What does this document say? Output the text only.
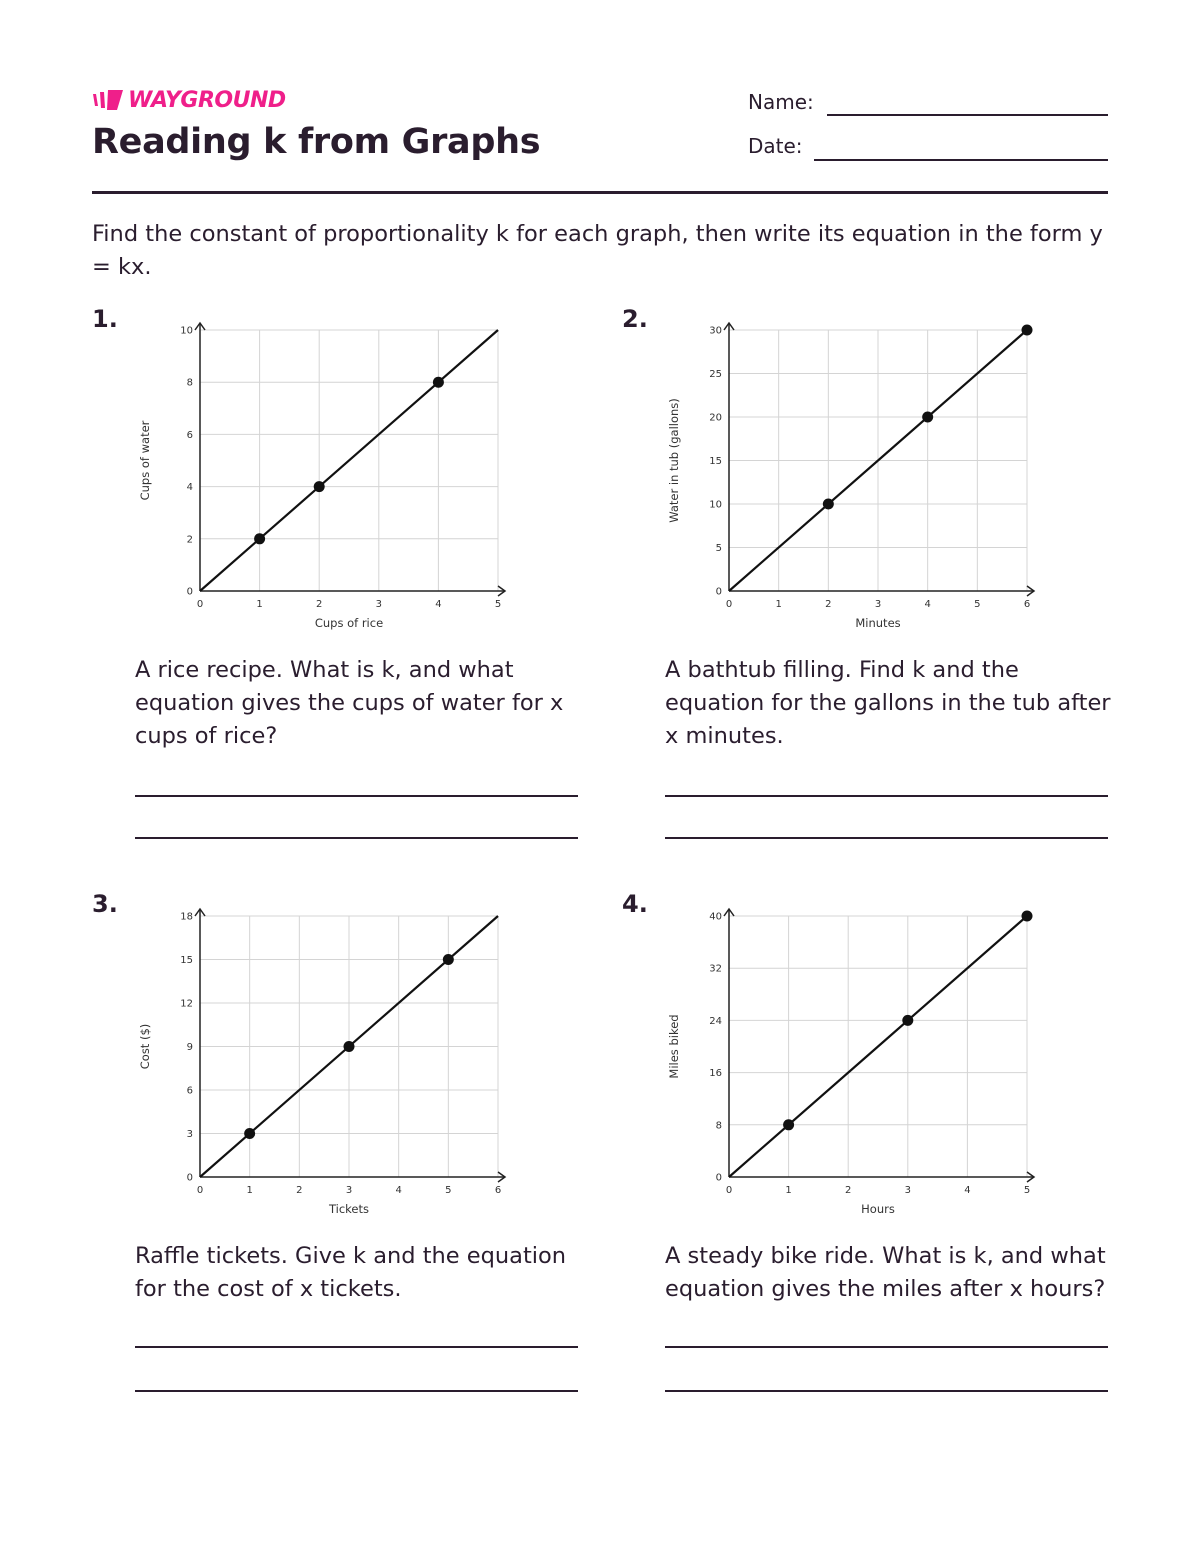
WAYGROUND
Reading k from Graphs
Name:
Date:
Find the constant of proportionality k for each graph, then write its equation in the form y = kx.
1.
0	1	2	3	4	5
0
2
4
6
8
10
Cups of rice
Cups of water
A rice recipe. What is k, and what equation gives the cups of water for x cups of rice?
2.
0	1	2	3	4	5	6
0
5
10
15
20
25
30
Minutes
Water in tub (gallons)
A bathtub filling. Find k and the equation for the gallons in the tub after x minutes.
3.
0	1	2	3	4	5	6
0
3
6
9
12
15
18
Tickets
Cost ($)
Raffle tickets. Give k and the equation for the cost of x tickets.
4.
0	1	2	3	4	5
0
8
16
24
32
40
Hours
Miles biked
A steady bike ride. What is k, and what equation gives the miles after x hours?
